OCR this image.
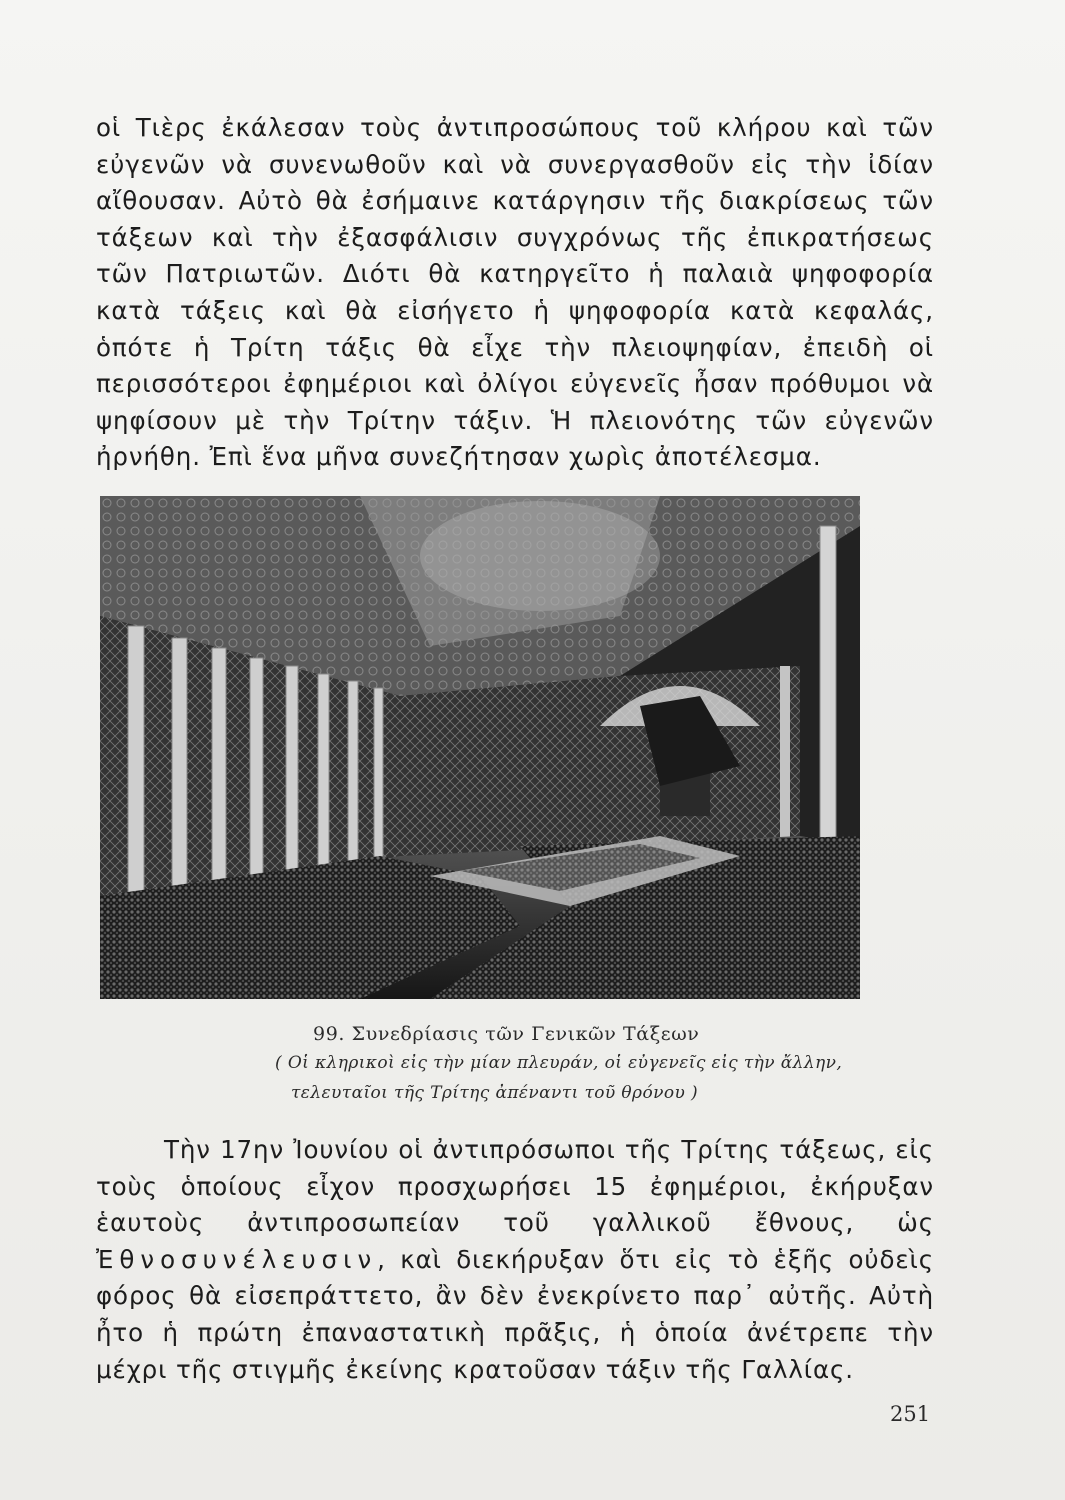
οἱ Τιὲρς ἐκάλεσαν τοὺς ἀντιπροσώπους τοῦ κλήρου καὶ τῶν εὐγενῶν νὰ συνενωθοῦν καὶ νὰ συνεργασθοῦν εἰς τὴν ἰδίαν αἴθουσαν. Αὐτὸ θὰ ἐσήμαινε κατάργησιν τῆς διακρίσεως τῶν τάξεων καὶ τὴν ἐξασφάλισιν συγχρόνως τῆς ἐπικρατήσεως τῶν Πατριωτῶν. Διότι θὰ κατηργεῖτο ἡ παλαιὰ ψηφοφορία κατὰ τάξεις καὶ θὰ εἰσήγετο ἡ ψηφοφορία κατὰ κεφαλάς, ὁπότε ἡ Τρίτη τάξις θὰ εἶχε τὴν πλειοψηφίαν, ἐπειδὴ οἱ περισσότεροι ἐφημέριοι καὶ ὀλίγοι εὐγενεῖς ἦσαν πρόθυμοι νὰ ψηφίσουν μὲ τὴν Τρίτην τάξιν. Ἡ πλειονότης τῶν εὐγενῶν ἠρνήθη. Ἐπὶ ἕνα μῆνα συνεζήτησαν χωρὶς ἀποτέλεσμα.

99. Συνεδρίασις τῶν Γενικῶν Τάξεων
( Οἱ κληρικοὶ εἰς τὴν μίαν πλευράν, οἱ εὐγενεῖς εἰς τὴν ἄλλην,
τελευταῖοι τῆς Τρίτης ἀπέναντι τοῦ θρόνου )

Τὴν 17ην Ἰουνίου οἱ ἀντιπρόσωποι τῆς Τρίτης τάξεως, εἰς τοὺς ὁποίους εἶχον προσχωρήσει 15 ἐφημέριοι, ἐκήρυξαν ἑαυτοὺς ἀντιπροσωπείαν τοῦ γαλλικοῦ ἔθνους, ὡς Ἐθνοσυνέλευσιν, καὶ διεκήρυξαν ὅτι εἰς τὸ ἑξῆς οὐδεὶς φόρος θὰ εἰσεπράττετο, ἂν δὲν ἐνεκρίνετο παρ᾽ αὐτῆς. Αὐτὴ ἦτο ἡ πρώτη ἐπαναστατικὴ πρᾶξις, ἡ ὁποία ἀνέτρεπε τὴν μέχρι τῆς στιγμῆς ἐκείνης κρατοῦσαν τάξιν τῆς Γαλλίας.

251
